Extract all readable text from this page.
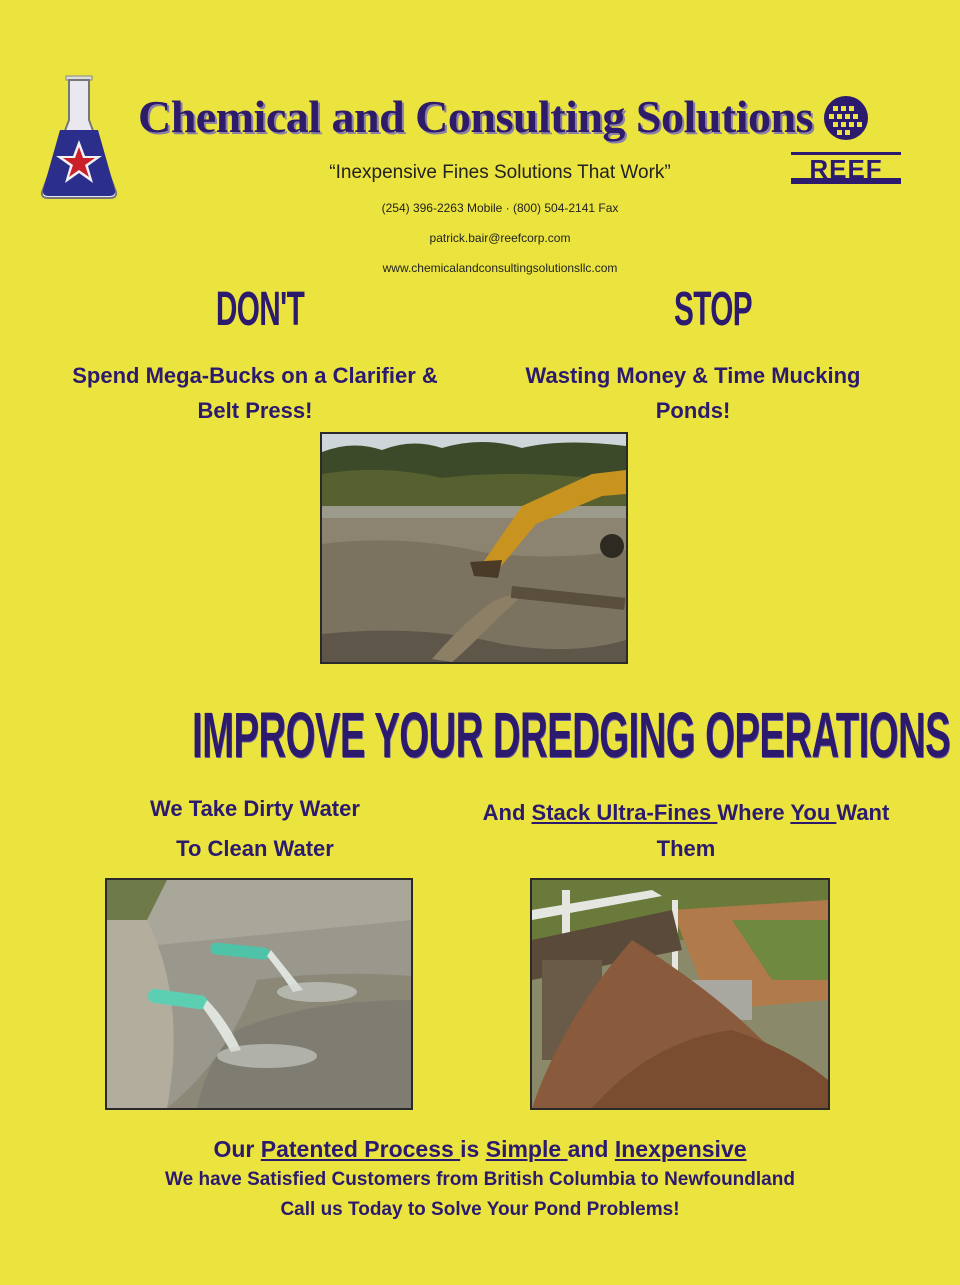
Chemical and Consulting Solutions
“Inexpensive Fines Solutions That Work”
(254) 396-2263 Mobile · (800) 504-2141 Fax
patrick.bair@reefcorp.com
www.chemicalandconsultingsolutionsllc.com
REEF
DON'T
Spend Mega-Bucks on a Clarifier &
Belt Press!
STOP
Wasting Money & Time Mucking
Ponds!
IMPROVE YOUR DREDGING OPERATIONS
We Take Dirty Water
To Clean Water
And Stack Ultra-Fines Where You Want
Them
Our Patented Process is Simple and Inexpensive
We have Satisfied Customers from British Columbia to Newfoundland
Call us Today to Solve Your Pond Problems!
